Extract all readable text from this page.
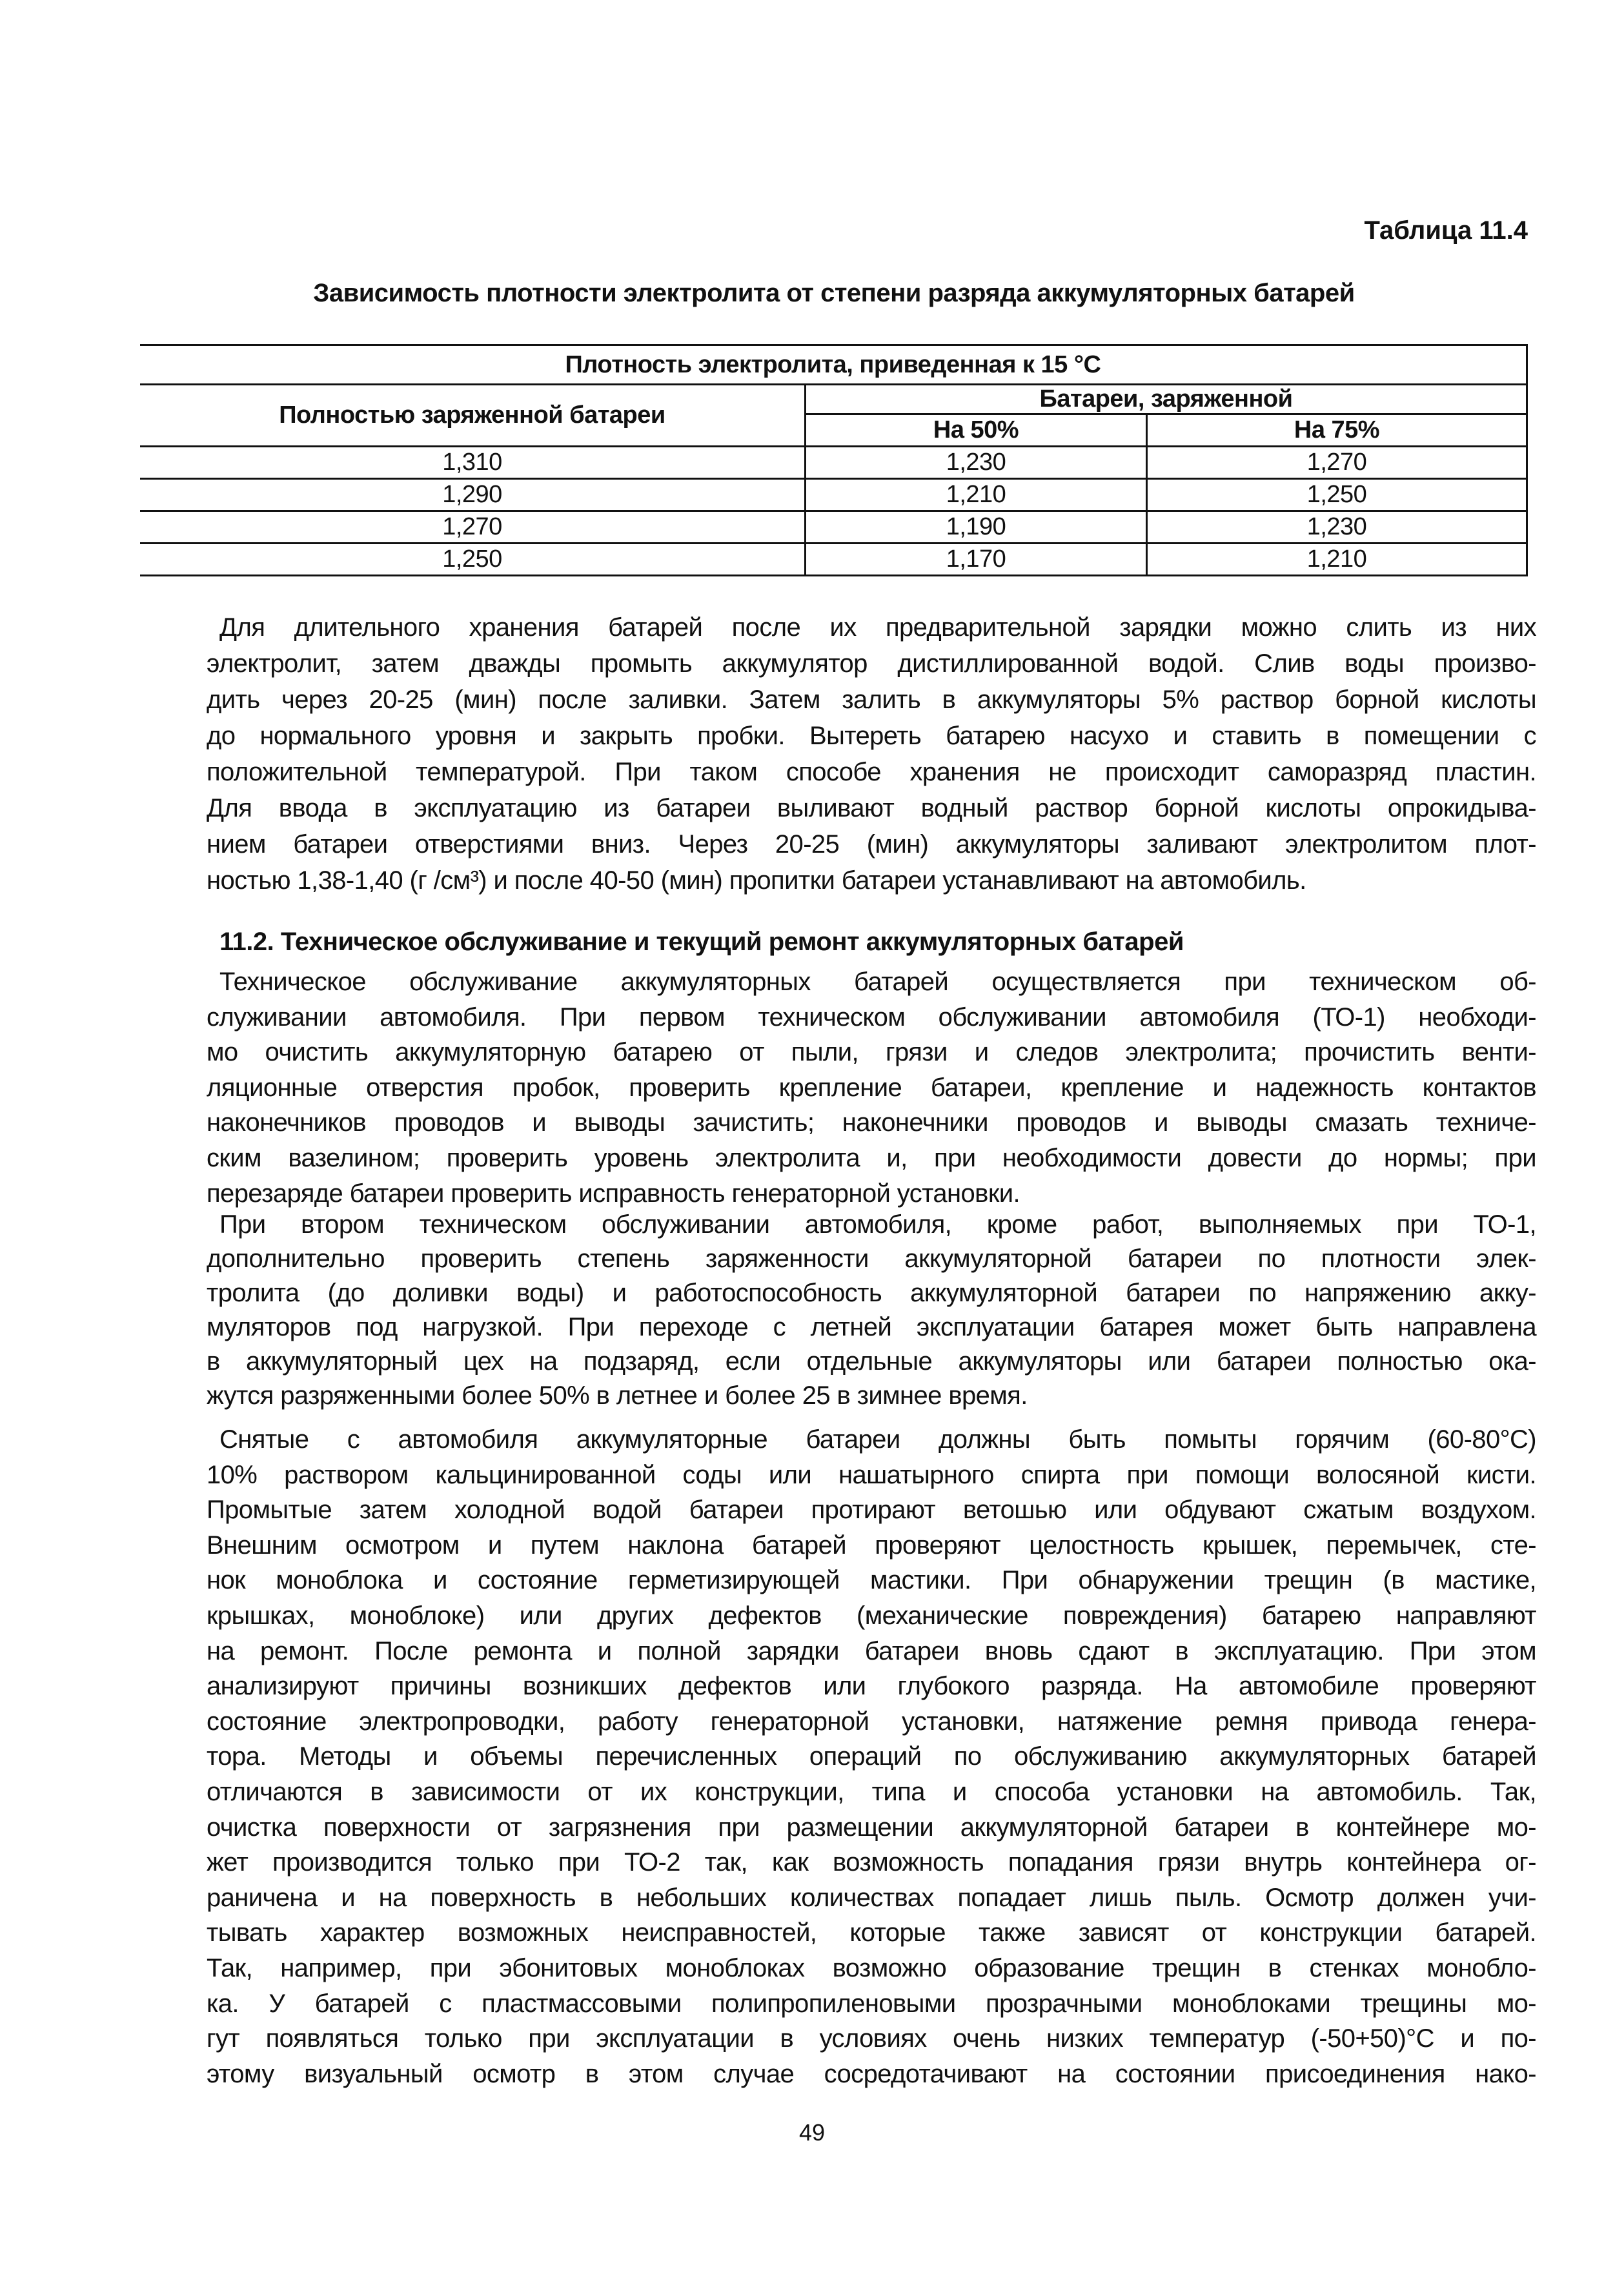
Таблица 11.4
Зависимость плотности электролита от степени разряда аккумуляторных батарей
Плотность электролита, приведенная к 15 °С		
Полностью заряженной батареи	Батареи, заряженной	
	На 50%	На 75%
1,310	1,230	1,270
1,290	1,210	1,250
1,270	1,190	1,230
1,250	1,170	1,210
Для длительного хранения батарей после их предварительной зарядки можно слить из них
электролит, затем дважды промыть аккумулятор дистиллированной водой. Слив воды произво-
дить через 20-25 (мин) после заливки. Затем залить в аккумуляторы 5% раствор борной кислоты
до нормального уровня и закрыть пробки. Вытереть батарею насухо и ставить в помещении с
положительной температурой. При таком способе хранения не происходит саморазряд пластин.
Для ввода в эксплуатацию из батареи выливают водный раствор борной кислоты опрокидыва-
нием батареи отверстиями вниз. Через 20-25 (мин) аккумуляторы заливают электролитом плот-
ностью 1,38-1,40 (г /см³) и после 40-50 (мин) пропитки батареи устанавливают на автомобиль.
11.2. Техническое обслуживание и текущий ремонт аккумуляторных батарей
Техническое обслуживание аккумуляторных батарей осуществляется при техническом об-
служивании автомобиля. При первом техническом обслуживании автомобиля (ТО-1) необходи-
мо очистить аккумуляторную батарею от пыли, грязи и следов электролита; прочистить венти-
ляционные отверстия пробок, проверить крепление батареи, крепление и надежность контактов
наконечников проводов и выводы зачистить; наконечники проводов и выводы смазать техниче-
ским вазелином; проверить уровень электролита и, при необходимости довести до нормы; при
перезаряде батареи проверить исправность генераторной установки.
При втором техническом обслуживании автомобиля, кроме работ, выполняемых при ТО-1,
дополнительно проверить степень заряженности аккумуляторной батареи по плотности элек-
тролита (до доливки воды) и работоспособность аккумуляторной батареи по напряжению акку-
муляторов под нагрузкой. При переходе с летней эксплуатации батарея может быть направлена
в аккумуляторный цех на подзаряд, если отдельные аккумуляторы или батареи полностью ока-
жутся разряженными более 50% в летнее и более 25 в зимнее время.
Снятые с автомобиля аккумуляторные батареи должны быть помыты горячим (60-80°С)
10% раствором кальцинированной соды или нашатырного спирта при помощи волосяной кисти.
Промытые затем холодной водой батареи протирают ветошью или обдувают сжатым воздухом.
Внешним осмотром и путем наклона батарей проверяют целостность крышек, перемычек, сте-
нок моноблока и состояние герметизирующей мастики. При обнаружении трещин (в мастике,
крышках, моноблоке) или других дефектов (механические повреждения) батарею направляют
на ремонт. После ремонта и полной зарядки батареи вновь сдают в эксплуатацию. При этом
анализируют причины возникших дефектов или глубокого разряда. На автомобиле проверяют
состояние электропроводки, работу генераторной установки, натяжение ремня привода генера-
тора. Методы и объемы перечисленных операций по обслуживанию аккумуляторных батарей
отличаются в зависимости от их конструкции, типа и способа установки на автомобиль. Так,
очистка поверхности от загрязнения при размещении аккумуляторной батареи в контейнере мо-
жет производится только при ТО-2 так, как возможность попадания грязи внутрь контейнера ог-
раничена и на поверхность в небольших количествах попадает лишь пыль. Осмотр должен учи-
тывать характер возможных неисправностей, которые также зависят от конструкции батарей.
Так, например, при эбонитовых моноблоках возможно образование трещин в стенках монобло-
ка. У батарей с пластмассовыми полипропиленовыми прозрачными моноблоками трещины мо-
гут появляться только при эксплуатации в условиях очень низких температур (-50+50)°С и по-
этому визуальный осмотр в этом случае сосредотачивают на состоянии присоединения нако-
49
